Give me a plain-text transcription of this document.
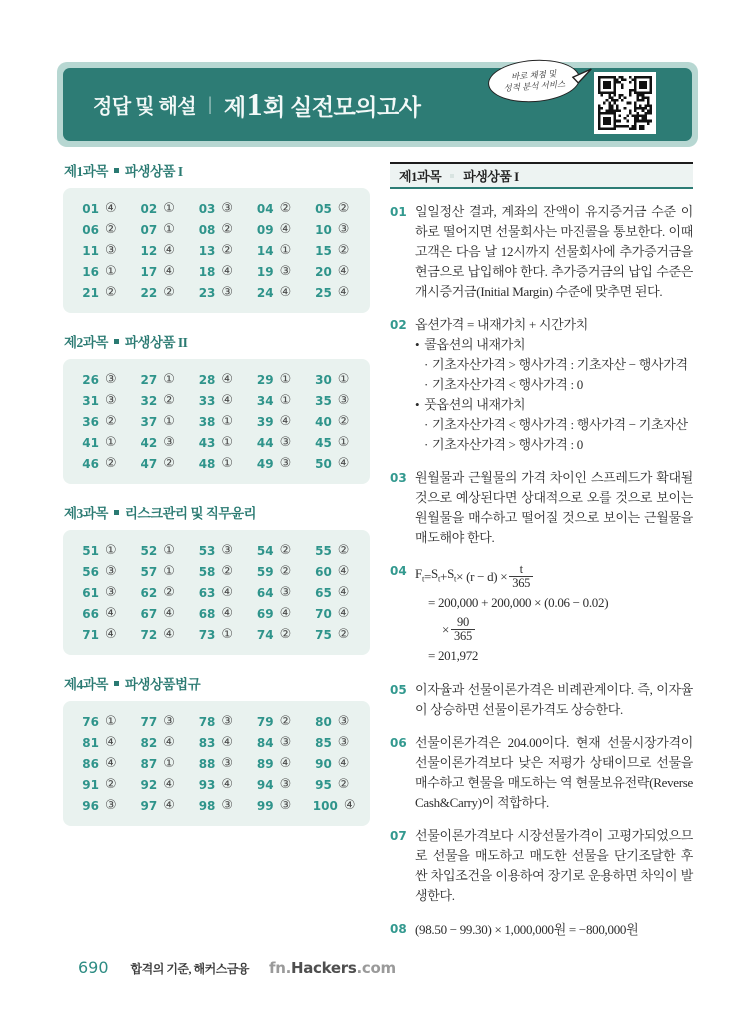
정답 및 해설 | 제1회 실전모의고사
바로 채점 및
성적 분석 서비스
제1과목 파생상품 I
01 ④ 02 ① 03 ③ 04 ② 05 ②
06 ② 07 ① 08 ② 09 ④ 10 ③
11 ③ 12 ④ 13 ② 14 ① 15 ②
16 ① 17 ④ 18 ④ 19 ③ 20 ④
21 ② 22 ② 23 ③ 24 ④ 25 ④
제2과목 파생상품 II
26 ③ 27 ① 28 ④ 29 ① 30 ①
31 ③ 32 ② 33 ④ 34 ① 35 ③
36 ② 37 ① 38 ① 39 ④ 40 ②
41 ① 42 ③ 43 ① 44 ③ 45 ①
46 ② 47 ② 48 ① 49 ③ 50 ④
제3과목 리스크관리 및 직무윤리
51 ① 52 ① 53 ③ 54 ② 55 ②
56 ③ 57 ① 58 ② 59 ② 60 ④
61 ③ 62 ② 63 ④ 64 ③ 65 ④
66 ④ 67 ④ 68 ④ 69 ④ 70 ④
71 ④ 72 ④ 73 ① 74 ② 75 ②
제4과목 파생상품법규
76 ① 77 ③ 78 ③ 79 ② 80 ③
81 ④ 82 ④ 83 ④ 84 ③ 85 ③
86 ④ 87 ① 88 ③ 89 ④ 90 ④
91 ② 92 ④ 93 ④ 94 ③ 95 ②
96 ③ 97 ④ 98 ③ 99 ③ 100 ④
제1과목 파생상품 I
01 일일정산 결과, 계좌의 잔액이 유지증거금 수준 이하로 떨어지면 선물회사는 마진콜을 통보한다. 이때 고객은 다음 날 12시까지 선물회사에 추가증거금을 현금으로 납입해야 한다. 추가증거금의 납입 수준은 개시증거금(Initial Margin) 수준에 맞추면 된다.
02 옵션가격 = 내재가치 + 시간가치
• 콜옵션의 내재가치
· 기초자산가격 > 행사가격 : 기초자산 − 행사가격
· 기초자산가격 < 행사가격 : 0
• 풋옵션의 내재가치
· 기초자산가격 < 행사가격 : 행사가격 − 기초자산
· 기초자산가격 > 행사가격 : 0
03 원월물과 근월물의 가격 차이인 스프레드가 확대될 것으로 예상된다면 상대적으로 오를 것으로 보이는 원월물을 매수하고 떨어질 것으로 보이는 근월물을 매도해야 한다.
04 $F_t = S_t + S_t \times (r - d) \times \frac{t}{365}$
= 200,000 + 200,000 × (0.06 − 0.02)
× $\frac{90}{365}$
= 201,972
05 이자율과 선물이론가격은 비례관계이다. 즉, 이자율이 상승하면 선물이론가격도 상승한다.
06 선물이론가격은 204.00이다. 현재 선물시장가격이 선물이론가격보다 낮은 저평가 상태이므로 선물을 매수하고 현물을 매도하는 역 현물보유전략(Reverse Cash&Carry)이 적합하다.
07 선물이론가격보다 시장선물가격이 고평가되었으므로 선물을 매도하고 매도한 선물을 단기조달한 후 싼 차입조건을 이용하여 장기로 운용하면 차익이 발생한다.
08 (98.50 − 99.30) × 1,000,000원 = −800,000원
690 합격의 기준, 해커스금융 fn.Hackers.com
